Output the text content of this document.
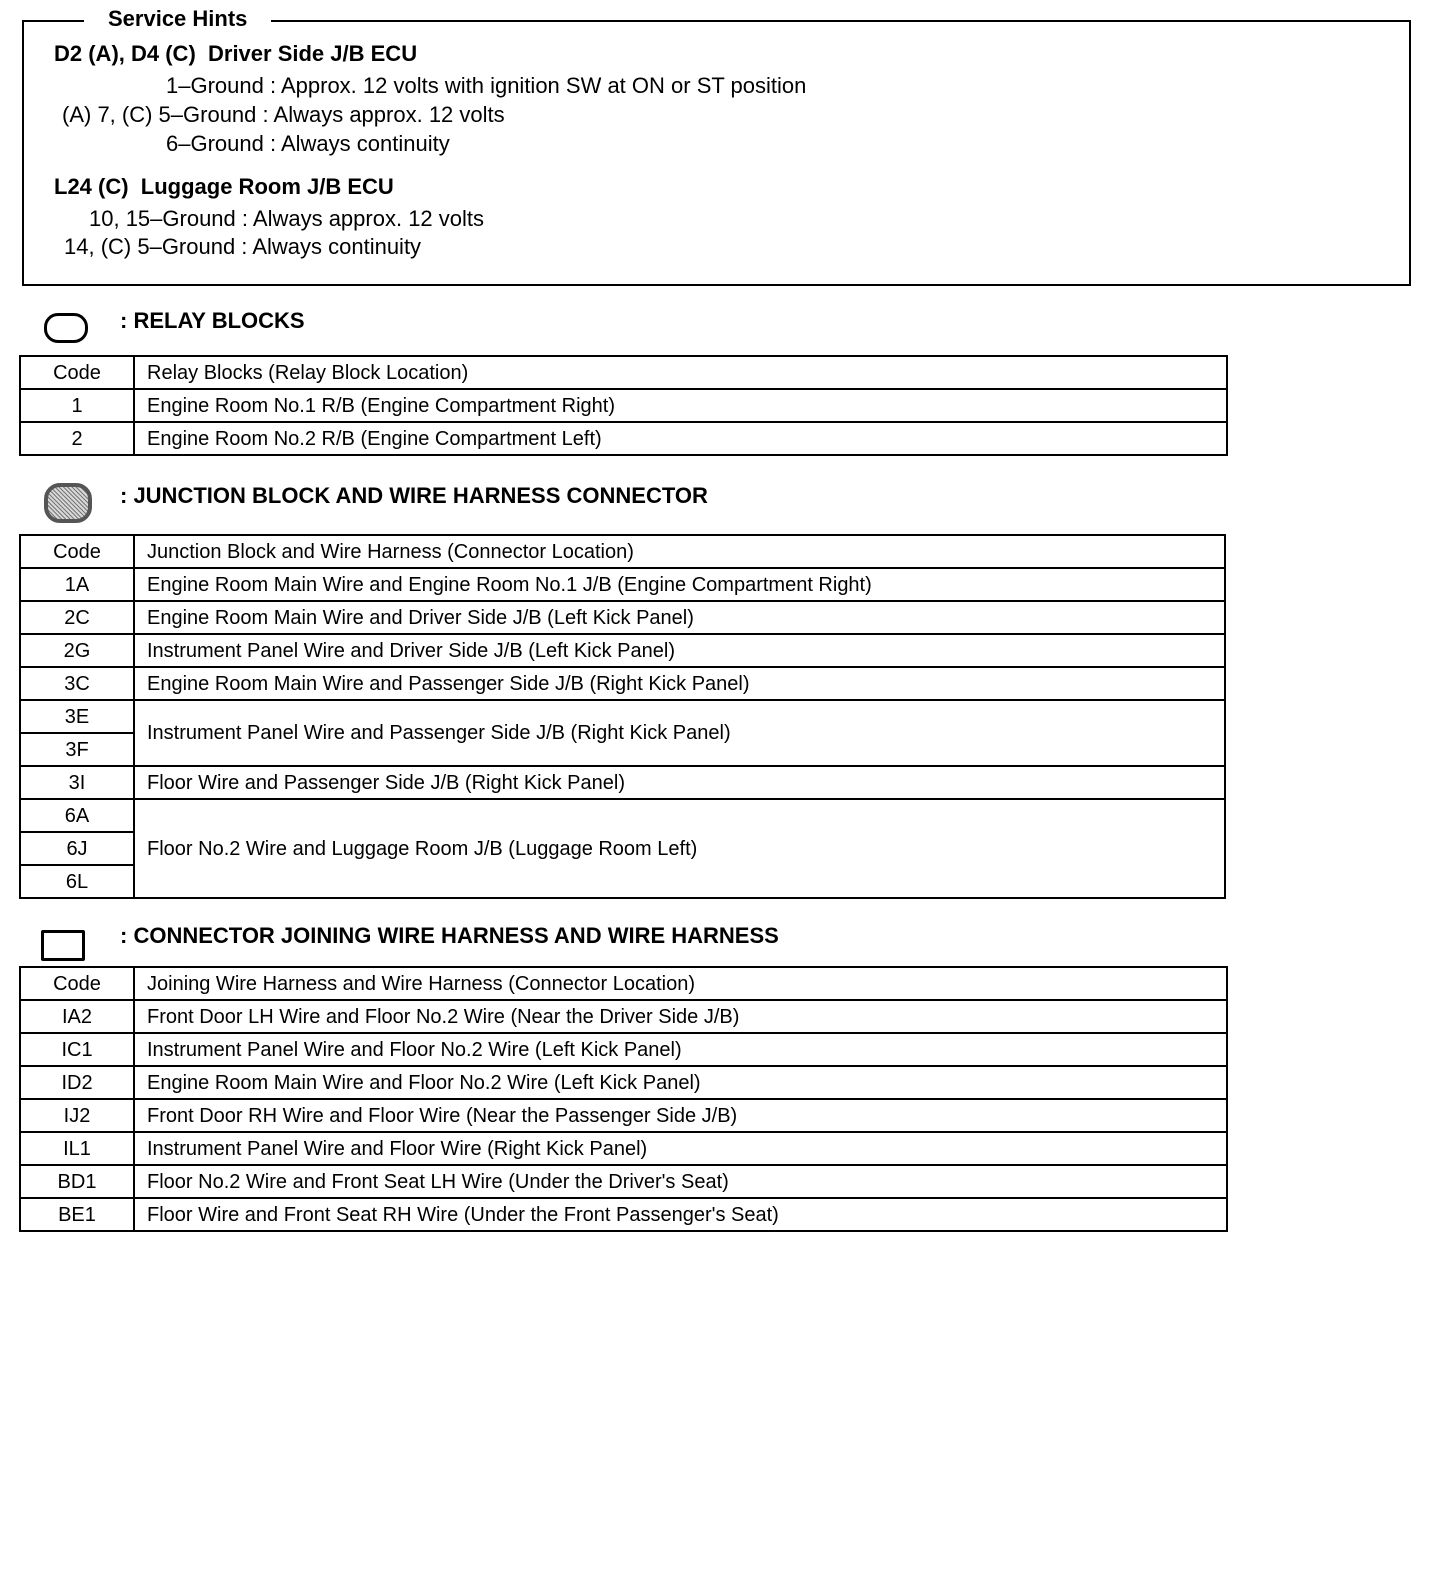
Service Hints
D2 (A), D4 (C)  Driver Side J/B ECU
1–Ground : Approx. 12 volts with ignition SW at ON or ST position
(A) 7, (C) 5–Ground : Always approx. 12 volts
6–Ground : Always continuity
L24 (C)  Luggage Room J/B ECU
10, 15–Ground : Always approx. 12 volts
14, (C) 5–Ground : Always continuity
: RELAY BLOCKS
Code	Relay Blocks (Relay Block Location)
1	Engine Room No.1 R/B (Engine Compartment Right)
2	Engine Room No.2 R/B (Engine Compartment Left)
: JUNCTION BLOCK AND WIRE HARNESS CONNECTOR
Code	Junction Block and Wire Harness (Connector Location)
1A	Engine Room Main Wire and Engine Room No.1 J/B (Engine Compartment Right)
2C	Engine Room Main Wire and Driver Side J/B (Left Kick Panel)
2G	Instrument Panel Wire and Driver Side J/B (Left Kick Panel)
3C	Engine Room Main Wire and Passenger Side J/B (Right Kick Panel)
3E	Instrument Panel Wire and Passenger Side J/B (Right Kick Panel)
3F	
3I	Floor Wire and Passenger Side J/B (Right Kick Panel)
6A	Floor No.2 Wire and Luggage Room J/B (Luggage Room Left)
6J	
6L	
: CONNECTOR JOINING WIRE HARNESS AND WIRE HARNESS
Code	Joining Wire Harness and Wire Harness (Connector Location)
IA2	Front Door LH Wire and Floor No.2 Wire (Near the Driver Side J/B)
IC1	Instrument Panel Wire and Floor No.2 Wire (Left Kick Panel)
ID2	Engine Room Main Wire and Floor No.2 Wire (Left Kick Panel)
IJ2	Front Door RH Wire and Floor Wire (Near the Passenger Side J/B)
IL1	Instrument Panel Wire and Floor Wire (Right Kick Panel)
BD1	Floor No.2 Wire and Front Seat LH Wire (Under the Driver's Seat)
BE1	Floor Wire and Front Seat RH Wire (Under the Front Passenger's Seat)
